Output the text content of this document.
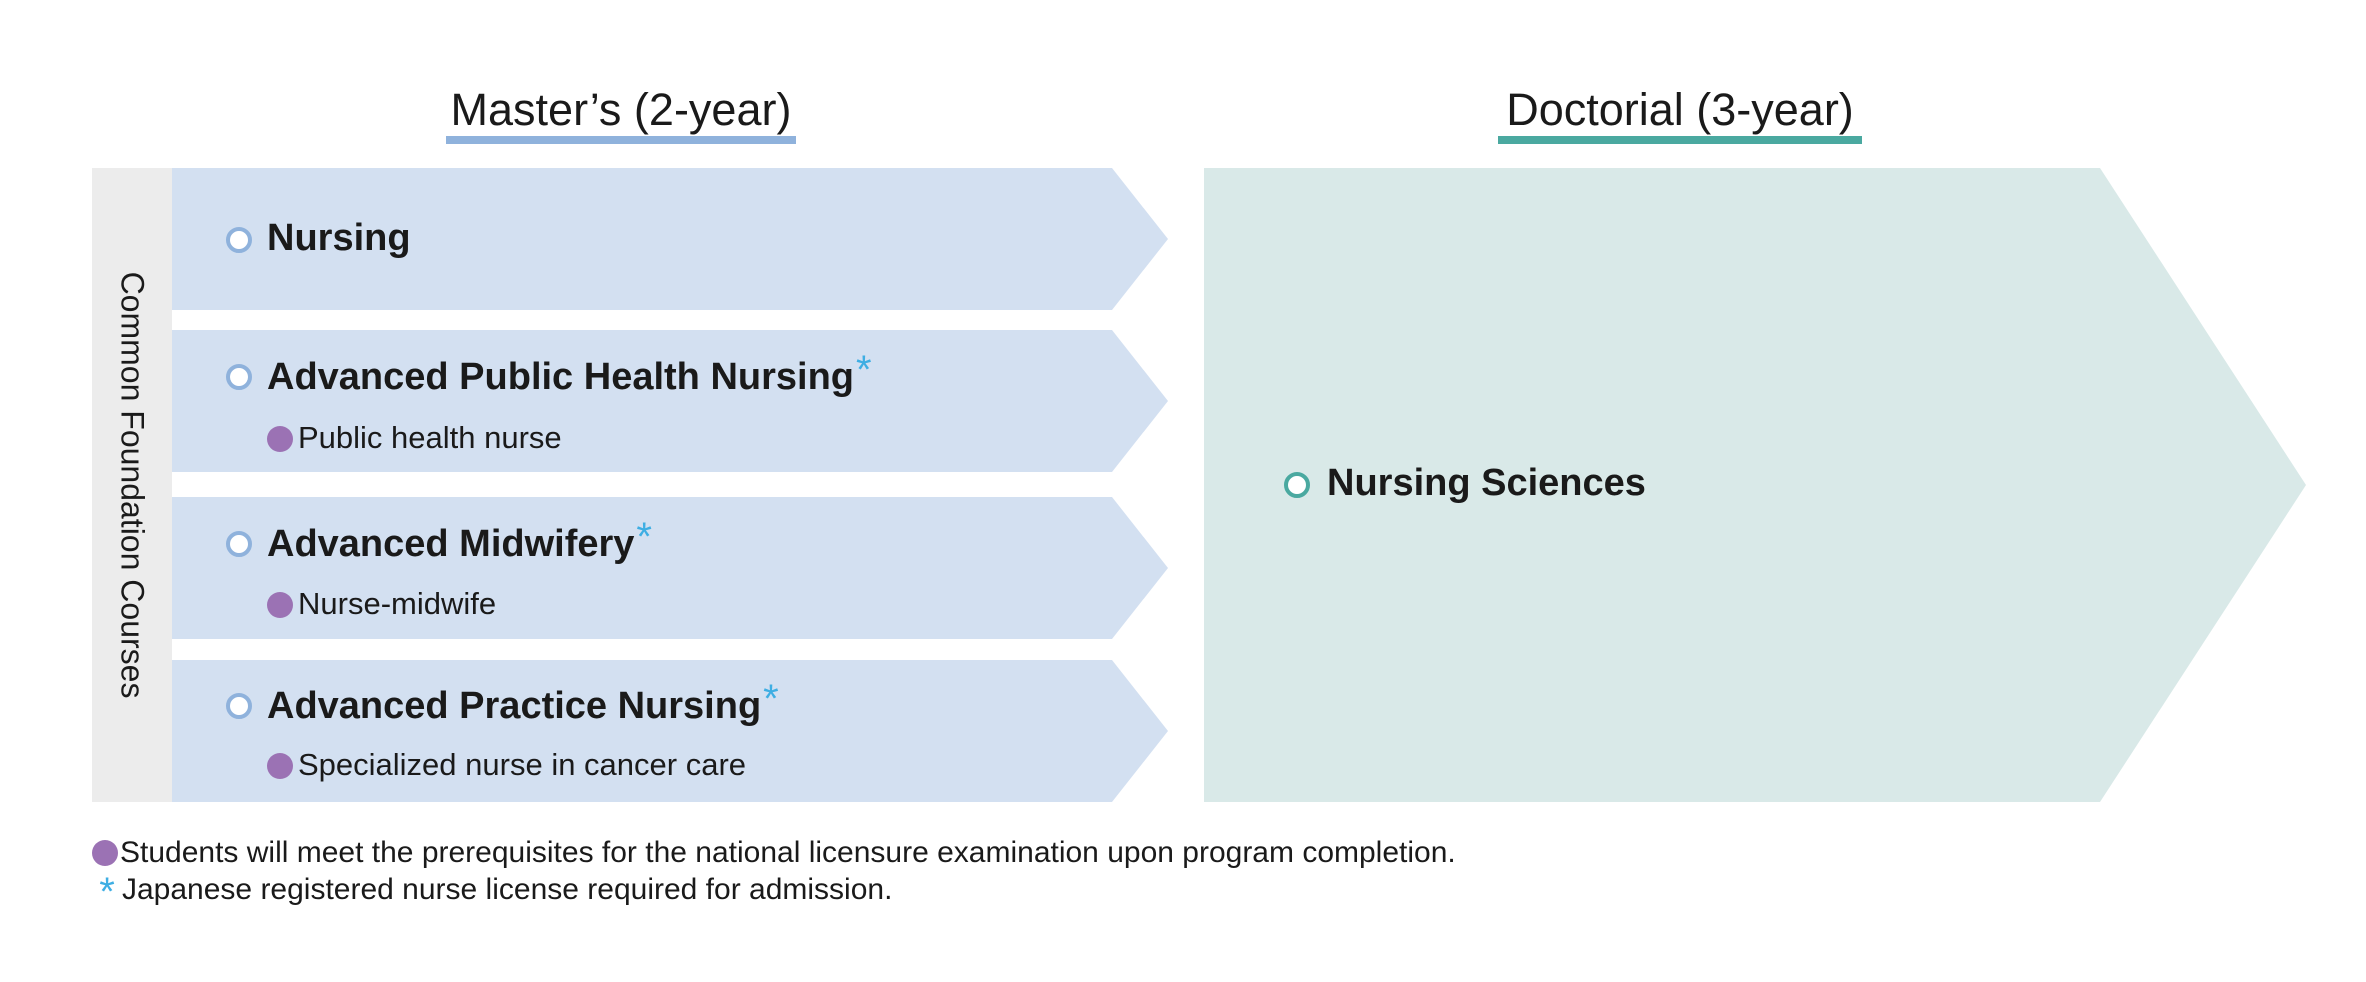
Master’s (2-year)	Doctorial (3-year)
Common Foundation Courses
Nursing
Advanced Public Health Nursing*
Public health nurse
Advanced Midwifery*
Nurse-midwife
Advanced Practice Nursing*
Specialized nurse in cancer care
Nursing Sciences
Students will meet the prerequisites for the national licensure examination upon program completion.
* Japanese registered nurse license required for admission.
